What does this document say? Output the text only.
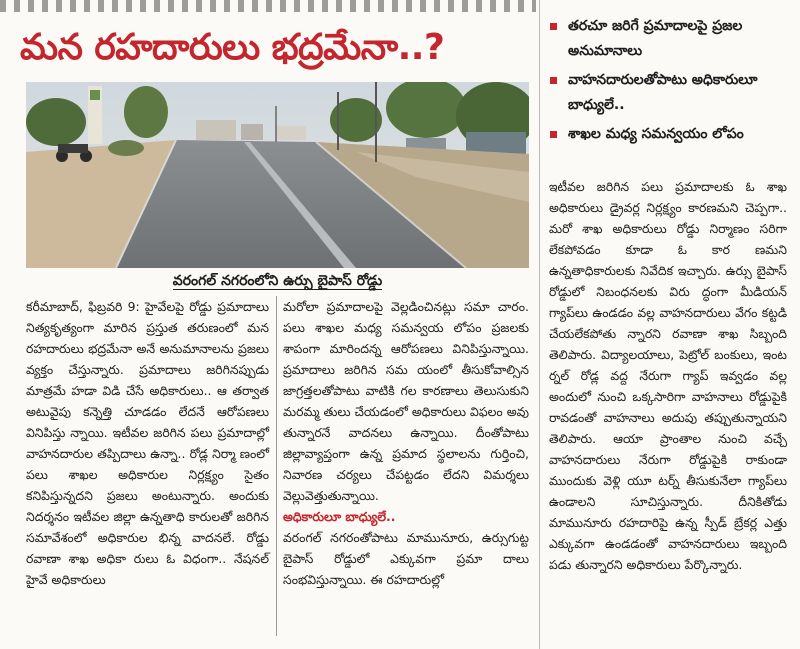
మన రహదారులు భద్రమేనా..?
వరంగల్‌ నగరంలోని ఉర్సు బైపాస్‌ రోడ్డు

కరీమాబాద్‌, ఫిబ్రవరి 9: హైవేలపై రోడ్డు ప్రమాదాలు నిత్యకృత్యంగా మారిన ప్రస్తుత తరుణంలో మన రహదారులు భద్రమేనా అనే అనుమానాలను ప్రజలు వ్యక్తం చేస్తున్నారు. ప్రమాదాలు జరిగినప్పుడు మాత్రమే హడా విడి చేసే అధికారులు.. ఆ తర్వాత అటువైపు కన్నెత్తి చూడడం లేదనే ఆరోపణలు వినిపిస్తు న్నాయి. ఇటీవల జరిగిన పలు ప్రమాదాల్లో వాహనదారుల తప్పిదాలు ఉన్నా.. రోడ్ల నిర్మా ణంలో పలు శాఖల అధికారుల నిర్లక్ష్యం సైతం కనిపిస్తున్నదని ప్రజలు అంటున్నారు. అందుకు నిదర్శనం ఇటీవల జిల్లా ఉన్నతాధి కారులతో జరిగిన సమావేశంలో అధికారుల భిన్న వాదనలే. రోడ్డు రవాణా శాఖ అధికా రులు ఓ విధంగా.. నేషనల్‌ హైవే అధికారులు

మరోలా ప్రమాదాలపై వెల్లడించినట్లు సమా చారం. పలు శాఖల మధ్య సమన్వయ లోపం ప్రజలకు శాపంగా మారిందన్న ఆరోపణలు వినిపిస్తున్నాయి. ప్రమాదాలు జరిగిన సమ యంలో తీసుకోవాల్సిన జాగ్రత్తలతోపాటు వాటికి గల కారణాలు తెలుసుకుని మరమ్మ తులు చేయడంలో అధికారులు విఫలం అవు తున్నారనే వాదనలు ఉన్నాయి. దీంతోపాటు జిల్లావ్యాప్తంగా ఉన్న ప్రమాద స్థలాలను గుర్తించి, నివారణ చర్యలు చేపట్టడం లేదని విమర్శలు వెల్లువెత్తుతున్నాయి.

అధికారులూ బాధ్యులే..

వరంగల్‌ నగరంతోపాటు మామునూరు, ఉర్సుగుట్ట బైపాస్‌ రోడ్డులో ఎక్కువగా ప్రమా దాలు సంభవిస్తున్నాయి. ఈ రహదారుల్లో

తరచూ జరిగే ప్రమాదాలపై ప్రజల అనుమానాలు
వాహనదారులతోపాటు అధికారులూ బాధ్యులే..
శాఖల మధ్య సమన్వయం లోపం

ఇటీవల జరిగిన పలు ప్రమాదాలకు ఓ శాఖ అధికారులు డ్రైవర్ల నిర్లక్ష్యం కారణమని చెప్పగా.. మరో శాఖ అధికారులు రోడ్డు నిర్మాణం సరిగా లేకపోవడం కూడా ఓ కార ణమని ఉన్నతాధికారులకు నివేదిక ఇచ్చారు. ఉర్సు బైపాస్‌ రోడ్డులో నిబంధనలకు విరు ద్ధంగా మీడియన్‌ గ్యాప్‌లు ఉండడం వల్ల వాహనదారులు వేగం కట్టడి చేయలేకపోతు న్నారని రవాణా శాఖ సిబ్బంది తెలిపారు. విద్యాలయాలు, పెట్రోల్‌ బంకులు, ఇంట ర్నల్‌ రోడ్ల వద్ద నేరుగా గ్యాప్‌ ఇవ్వడం వల్ల అందులో నుంచి ఒక్కసారిగా వాహనాలు రోడ్డుపైకి రావడంతో వాహనాలు అదుపు తప్పుతున్నాయని తెలిపారు. ఆయా ప్రాంతాల నుంచి వచ్చే వాహనదారులు నేరుగా రోడ్డుపైకి రాకుండా ముందుకు వెళ్లి యూ టర్న్‌ తీసుకునేలా గ్యాప్‌లు ఉండాలని సూచిస్తున్నారు. దీనికితోడు మామునూరు రహదారిపై ఉన్న స్పీడ్‌ బ్రేకర్ల ఎత్తు ఎక్కువగా ఉండడంతో వాహనదారులు ఇబ్బంది పడు తున్నారని అధికారులు పేర్కొన్నారు.
